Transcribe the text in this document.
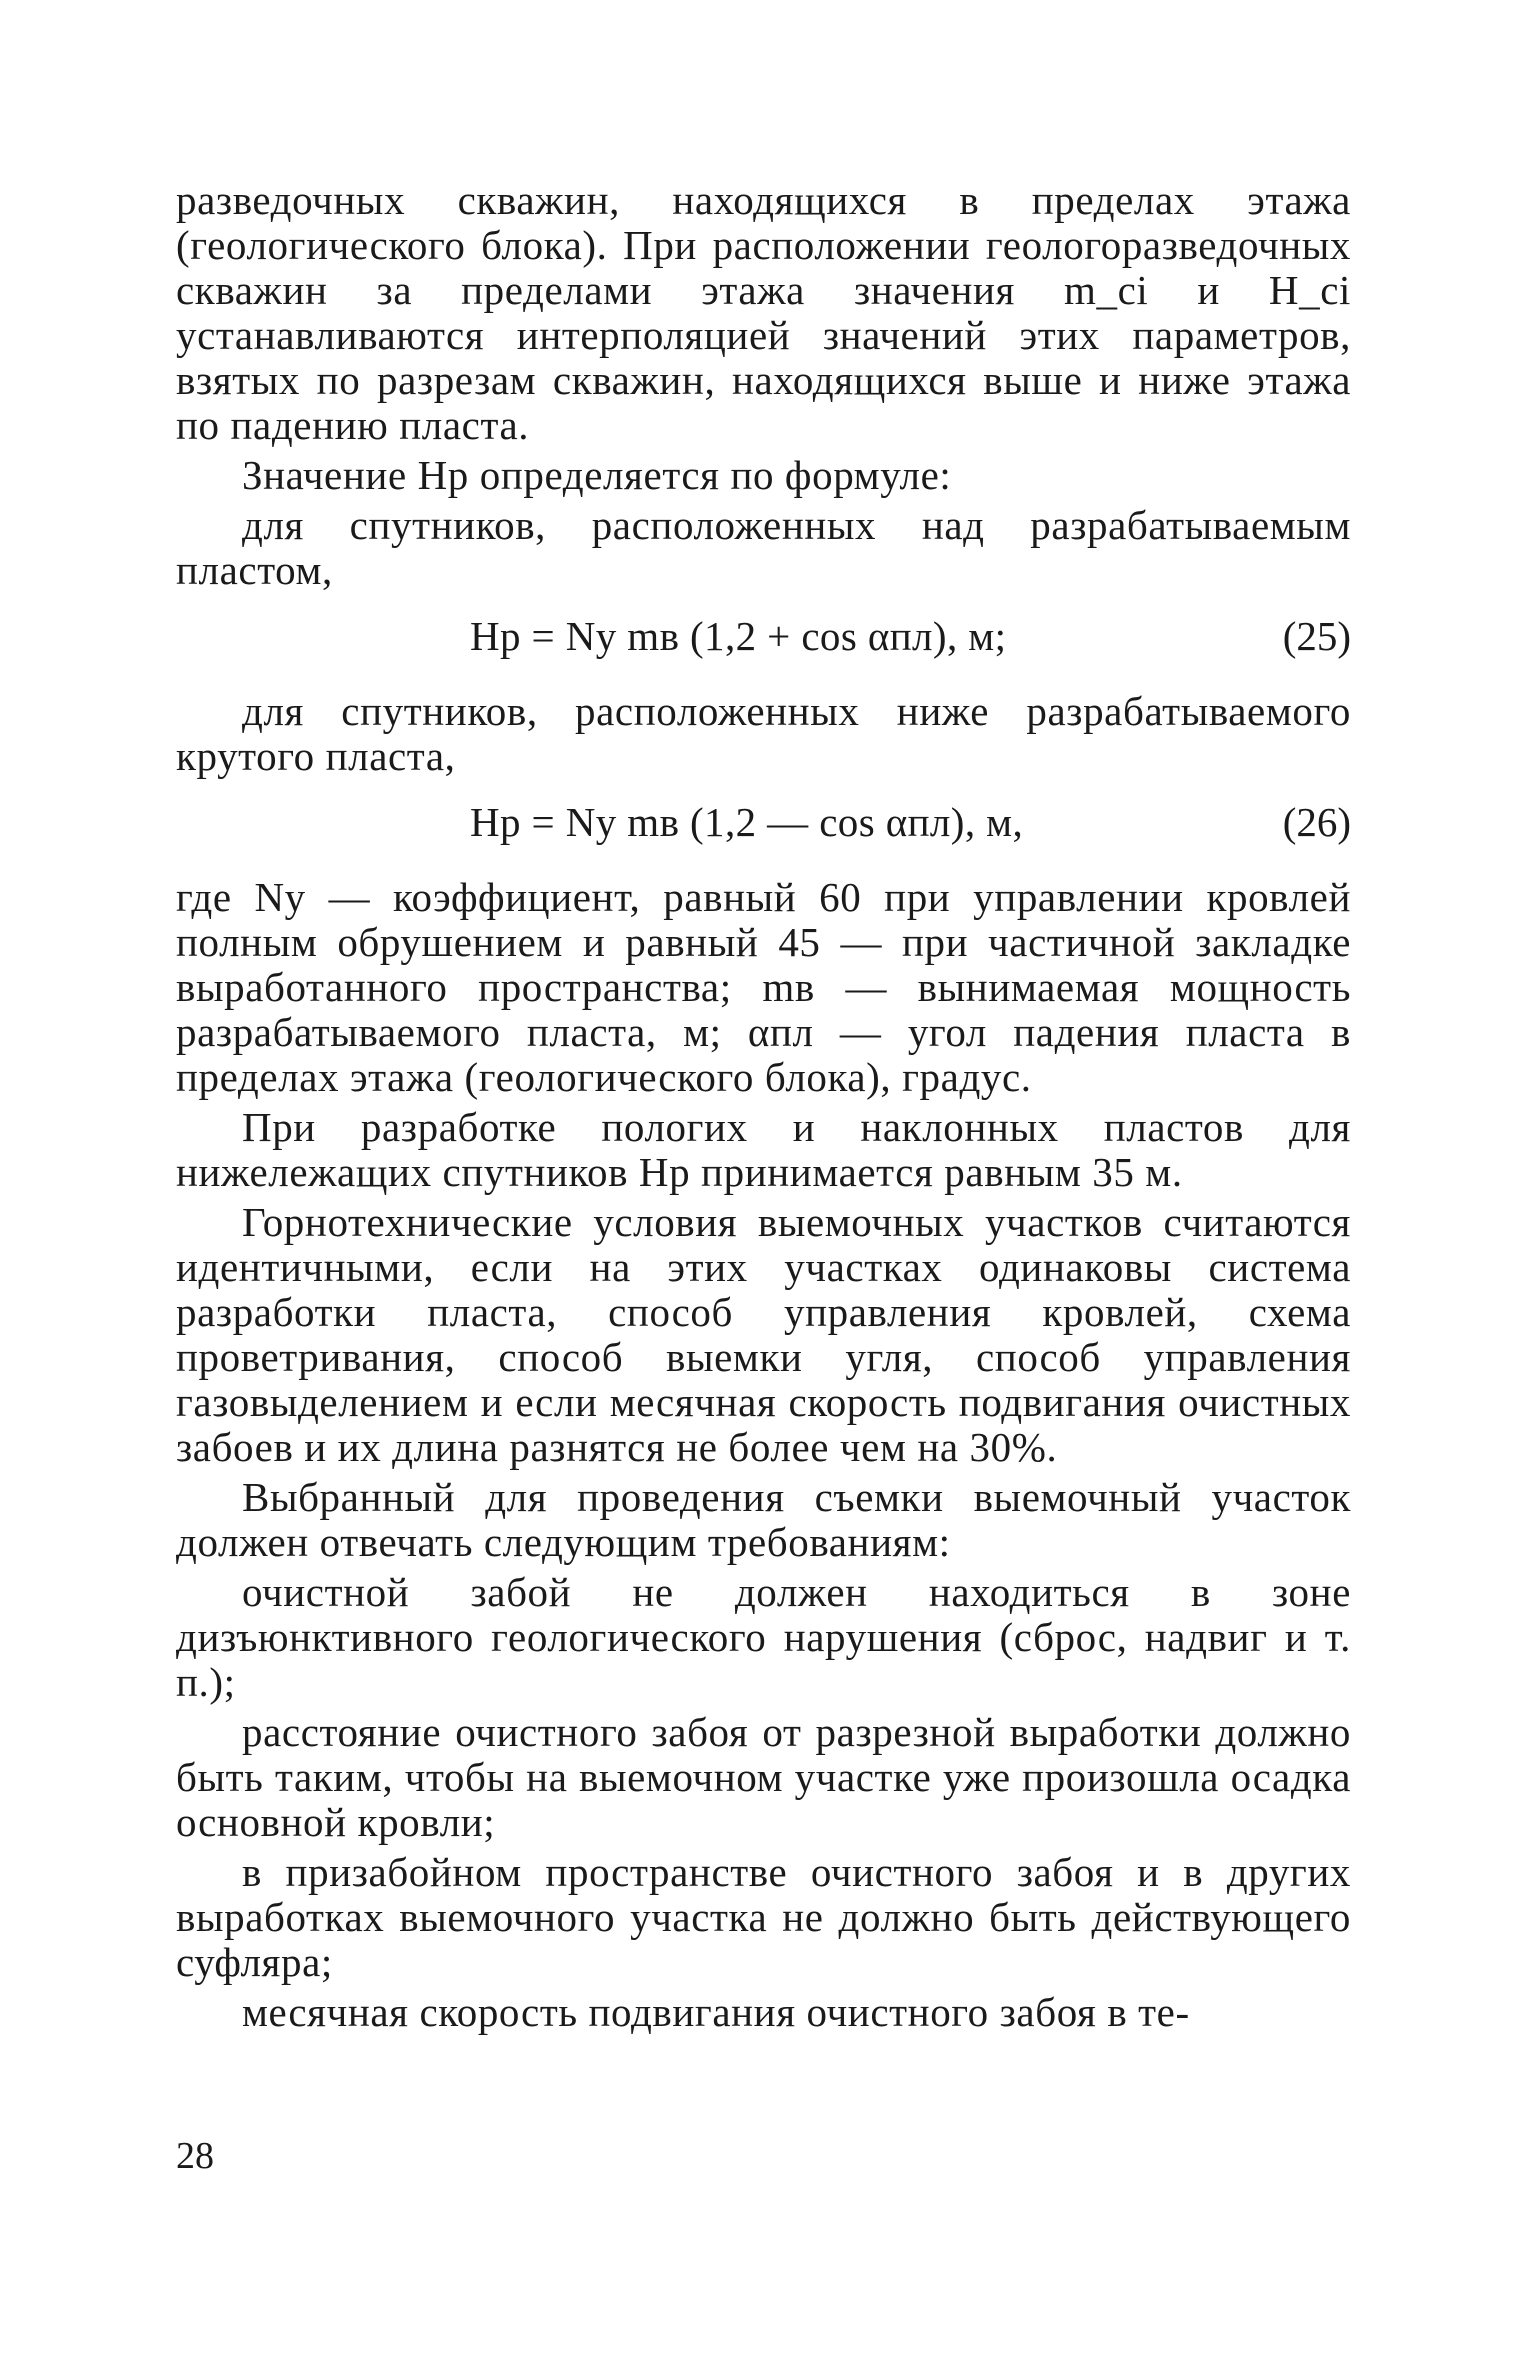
разведочных скважин, находящихся в пределах этажа (геологического блока). При расположении геологоразведочных скважин за пределами этажа значения m_ci и H_ci устанавливаются интерполяцией значений этих параметров, взятых по разрезам скважин, находящихся выше и ниже этажа по падению пласта.

Значение Hр определяется по формуле:

для спутников, расположенных над разрабатываемым пластом,

Hр = Nу mв (1,2 + cos αпл), м;	(25)

для спутников, расположенных ниже разрабатываемого крутого пласта,

Hр = Nу mв (1,2 — cos αпл), м,	(26)

где Nу — коэффициент, равный 60 при управлении кровлей полным обрушением и равный 45 — при частичной закладке выработанного пространства; mв — вынимаемая мощность разрабатываемого пласта, м; αпл — угол падения пласта в пределах этажа (геологического блока), градус.

При разработке пологих и наклонных пластов для нижележащих спутников Hр принимается равным 35 м.

Горнотехнические условия выемочных участков считаются идентичными, если на этих участках одинаковы система разработки пласта, способ управления кровлей, схема проветривания, способ выемки угля, способ управления газовыделением и если месячная скорость подвигания очистных забоев и их длина разнятся не более чем на 30%.

Выбранный для проведения съемки выемочный участок должен отвечать следующим требованиям:

очистной забой не должен находиться в зоне дизъюнктивного геологического нарушения (сброс, надвиг и т. п.);

расстояние очистного забоя от разрезной выработки должно быть таким, чтобы на выемочном участке уже произошла осадка основной кровли;

в призабойном пространстве очистного забоя и в других выработках выемочного участка не должно быть действующего суфляра;

месячная скорость подвигания очистного забоя в те-

28
